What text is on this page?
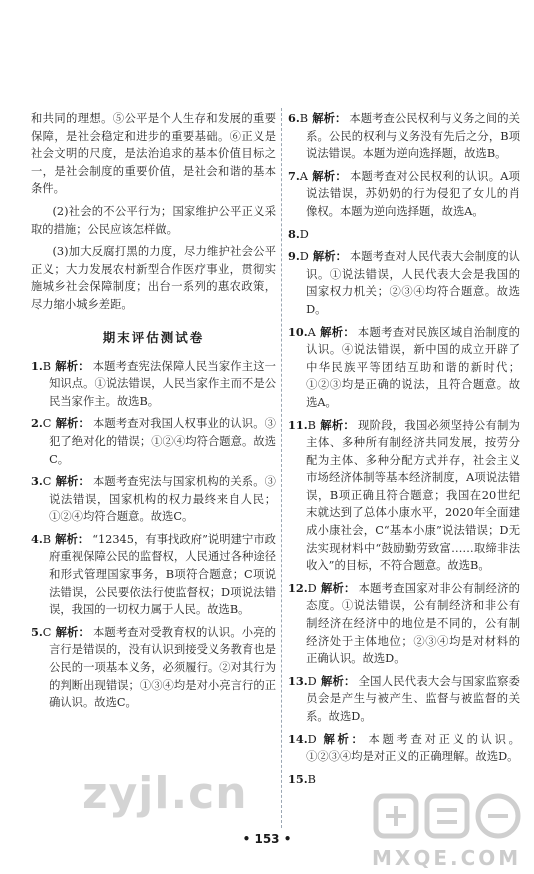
和共同的理想。⑤公平是个人生存和发展的重要保障，是社会稳定和进步的重要基础。⑥正义是社会文明的尺度，是法治追求的基本价值目标之一，是社会制度的重要价值，是社会和谐的基本条件。

(2)社会的不公平行为；国家维护公平正义采取的措施；公民应该怎样做。

(3)加大反腐打黑的力度，尽力维护社会公平正义；大力发展农村新型合作医疗事业，贯彻实施城乡社会保障制度；出台一系列的惠农政策，尽力缩小城乡差距。

期末评估测试卷

1.B 解析： 本题考查宪法保障人民当家作主这一知识点。①说法错误，人民当家作主而不是公民当家作主。故选B。

2.C 解析： 本题考查对我国人权事业的认识。③犯了绝对化的错误；①②④均符合题意。故选C。

3.C 解析： 本题考查宪法与国家机构的关系。③说法错误，国家机构的权力最终来自人民；①②④均符合题意。故选C。

4.B 解析： “12345，有事找政府”说明建宁市政府重视保障公民的监督权，人民通过各种途径和形式管理国家事务，B项符合题意；C项说法错误，公民要依法行使监督权；D项说法错误，我国的一切权力属于人民。故选B。

5.C 解析： 本题考查对受教育权的认识。小亮的言行是错误的，没有认识到接受义务教育也是公民的一项基本义务，必须履行。②对其行为的判断出现错误；①③④均是对小亮言行的正确认识。故选C。

6.B 解析： 本题考查公民权利与义务之间的关系。公民的权利与义务没有先后之分，B项说法错误。本题为逆向选择题，故选B。

7.A 解析： 本题考查对公民权利的认识。A项说法错误，苏奶奶的行为侵犯了女儿的肖像权。本题为逆向选择题，故选A。

8.D

9.D 解析： 本题考查对人民代表大会制度的认识。①说法错误，人民代表大会是我国的国家权力机关；②③④均符合题意。故选D。

10.A 解析： 本题考查对民族区域自治制度的认识。④说法错误，新中国的成立开辟了中华民族平等团结互助和谐的新时代；①②③均是正确的说法，且符合题意。故选A。

11.B 解析： 现阶段，我国必须坚持公有制为主体、多种所有制经济共同发展，按劳分配为主体、多种分配方式并存，社会主义市场经济体制等基本经济制度，A项说法错误，B项正确且符合题意；我国在20世纪末就达到了总体小康水平，2020年全面建成小康社会，C“基本小康”说法错误；D无法实现材料中“鼓励勤劳致富……取缔非法收入”的目标，不符合题意。故选B。

12.D 解析： 本题考查国家对非公有制经济的态度。①说法错误，公有制经济和非公有制经济在经济中的地位是不同的，公有制经济处于主体地位；②③④均是对材料的正确认识。故选D。

13.D 解析： 全国人民代表大会与国家监察委员会是产生与被产生、监督与被监督的关系。故选D。

14.D 解析： 本题考查对正义的认识。①②③④均是对正义的正确理解。故选D。

15.B

• 153 •
zyjl.cn
MXQE.COM
